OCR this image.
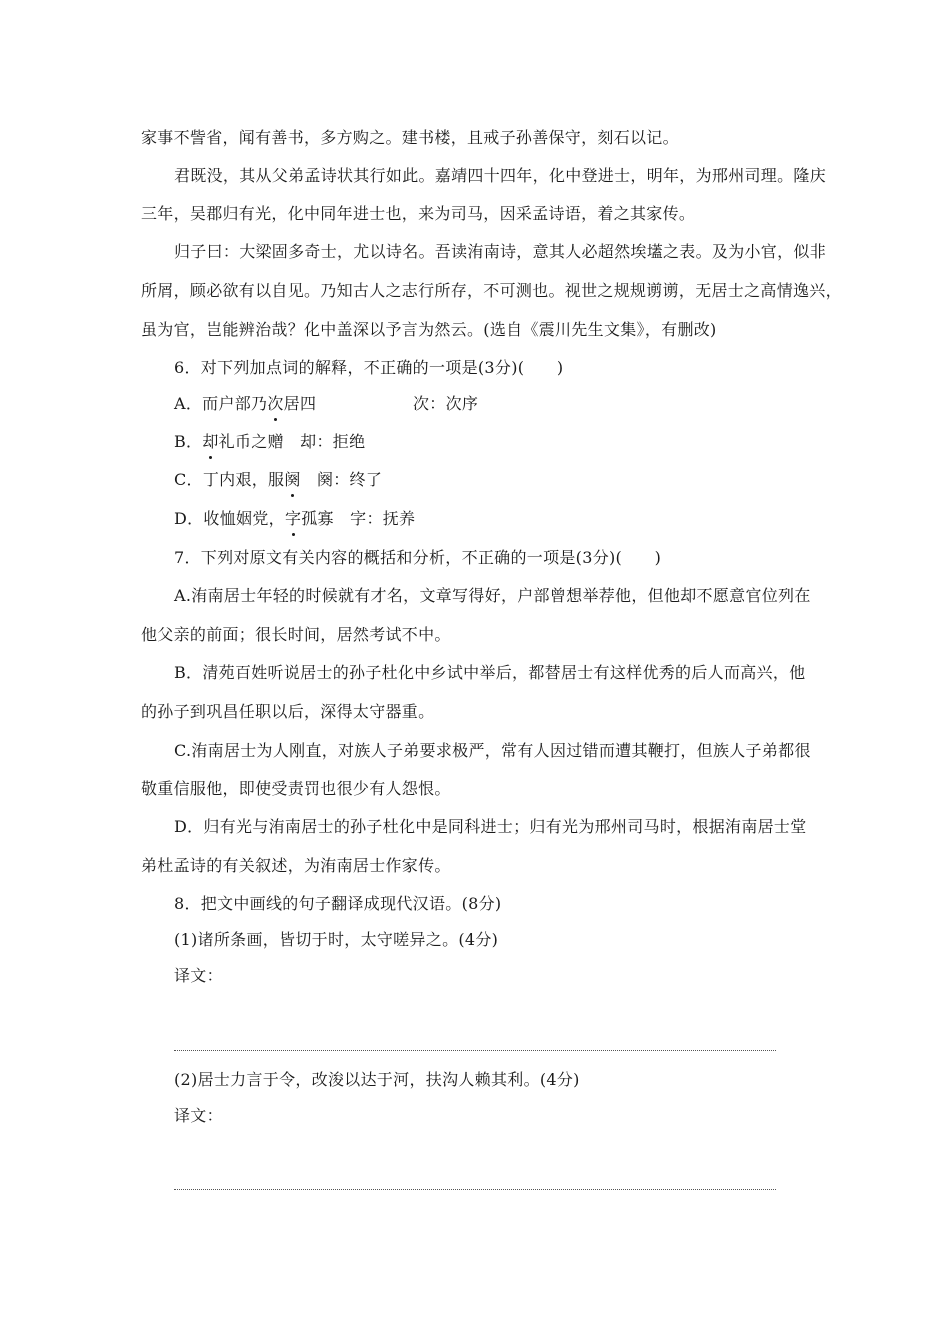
家事不訾省，闻有善书，多方购之。建书楼，且戒子孙善保守，刻石以记。
君既没，其从父弟孟诗状其行如此。嘉靖四十四年，化中登进士，明年，为邢州司理。隆庆
三年，吴郡归有光，化中同年进士也，来为司马，因采孟诗语，着之其家传。
归子曰：大梁固多奇士，尤以诗名。吾读洧南诗，意其人必超然埃壒之表。及为小官，似非
所屑，顾必欲有以自见。乃知古人之志行所存，不可测也。视世之规规谫谫，无居士之高情逸兴，
虽为官，岂能辨治哉？化中盖深以予言为然云。(选自《震川先生文集》，有删改)
6．对下列加点词的解释，不正确的一项是(3分)(　　)
A．而户部乃次居四	次：次序
B．却礼币之赠　却：拒绝
C．丁内艰，服阕　阕：终了
D．收恤姻党，字孤寡　字：抚养
7．下列对原文有关内容的概括和分析，不正确的一项是(3分)(　　)
A.洧南居士年轻的时候就有才名，文章写得好，户部曾想举荐他，但他却不愿意官位列在
他父亲的前面；很长时间，居然考试不中。
B．清苑百姓听说居士的孙子杜化中乡试中举后，都替居士有这样优秀的后人而高兴，他
的孙子到巩昌任职以后，深得太守器重。
C.洧南居士为人刚直，对族人子弟要求极严，常有人因过错而遭其鞭打，但族人子弟都很
敬重信服他，即使受责罚也很少有人怨恨。
D．归有光与洧南居士的孙子杜化中是同科进士；归有光为邢州司马时，根据洧南居士堂
弟杜孟诗的有关叙述，为洧南居士作家传。
8．把文中画线的句子翻译成现代汉语。(8分)
(1)诸所条画，皆切于时，太守嗟异之。(4分)
译文：
(2)居士力言于令，改浚以达于河，扶沟人赖其利。(4分)
译文：
